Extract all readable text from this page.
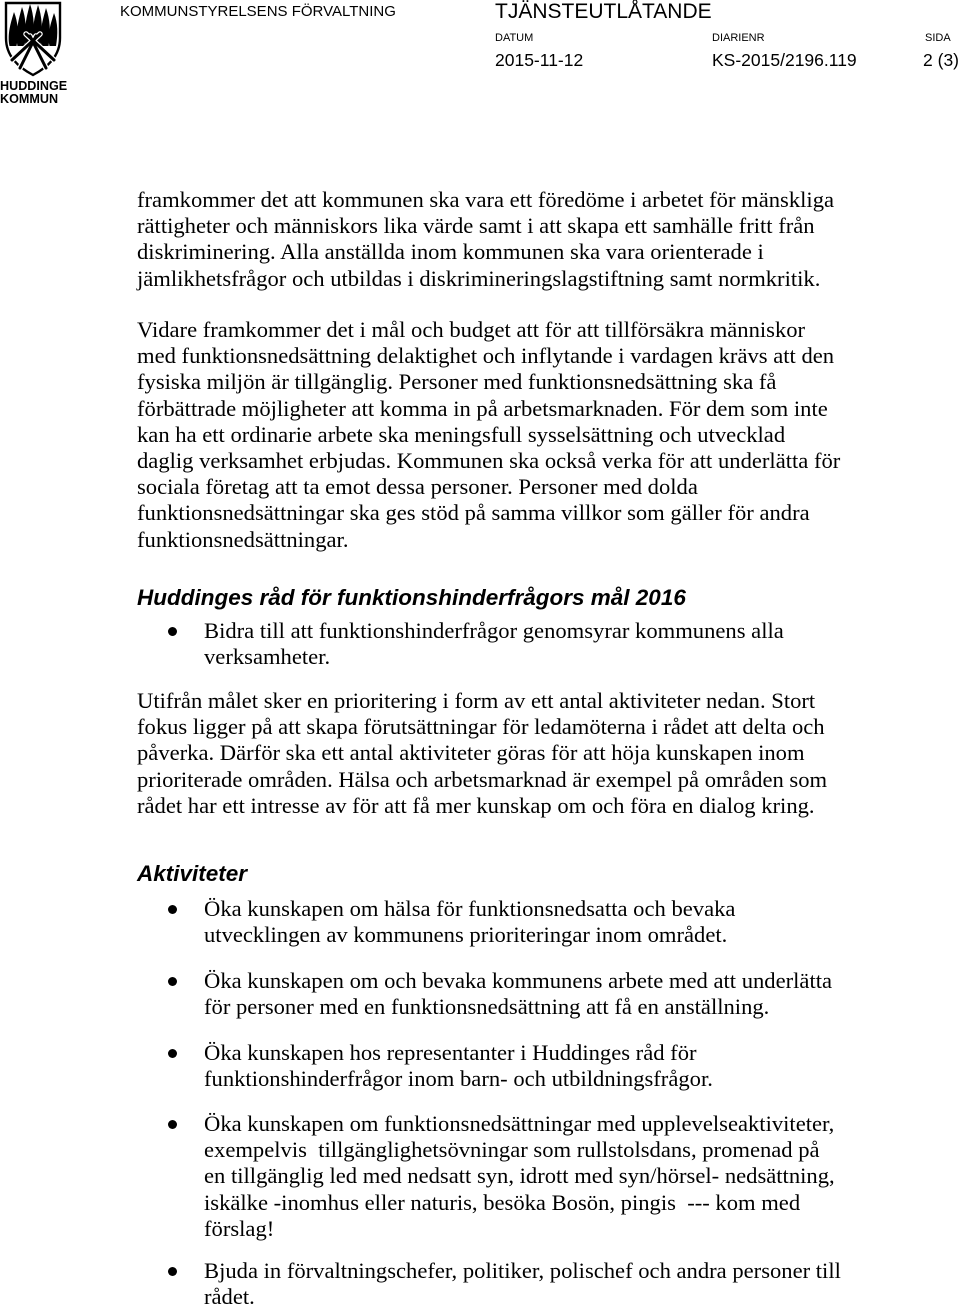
HUDDINGE
KOMMUN
KOMMUNSTYRELSENS FÖRVALTNING	TJÄNSTEUTLÅTANDE
DATUM
2015-11-12
DIARIENR
KS-2015/2196.119
SIDA
2 (3)
framkommer det att kommunen ska vara ett föredöme i arbetet för mänskliga
rättigheter och människors lika värde samt i att skapa ett samhälle fritt från
diskriminering. Alla anställda inom kommunen ska vara orienterade i
jämlikhetsfrågor och utbildas i diskrimineringslagstiftning samt normkritik.
Vidare framkommer det i mål och budget att för att tillförsäkra människor
med funktionsnedsättning delaktighet och inflytande i vardagen krävs att den
fysiska miljön är tillgänglig. Personer med funktionsnedsättning ska få
förbättrade möjligheter att komma in på arbetsmarknaden. För dem som inte
kan ha ett ordinarie arbete ska meningsfull sysselsättning och utvecklad
daglig verksamhet erbjudas. Kommunen ska också verka för att underlätta för
sociala företag att ta emot dessa personer. Personer med dolda
funktionsnedsättningar ska ges stöd på samma villkor som gäller för andra
funktionsnedsättningar.
Huddinges råd för funktionshinderfrågors mål 2016
Bidra till att funktionshinderfrågor genomsyrar kommunens alla
verksamheter.
Utifrån målet sker en prioritering i form av ett antal aktiviteter nedan. Stort
fokus ligger på att skapa förutsättningar för ledamöterna i rådet att delta och
påverka. Därför ska ett antal aktiviteter göras för att höja kunskapen inom
prioriterade områden. Hälsa och arbetsmarknad är exempel på områden som
rådet har ett intresse av för att få mer kunskap om och föra en dialog kring.
Aktiviteter
Öka kunskapen om hälsa för funktionsnedsatta och bevaka
utvecklingen av kommunens prioriteringar inom området.
Öka kunskapen om och bevaka kommunens arbete med att underlätta
för personer med en funktionsnedsättning att få en anställning.
Öka kunskapen hos representanter i Huddinges råd för
funktionshinderfrågor inom barn- och utbildningsfrågor.
Öka kunskapen om funktionsnedsättningar med upplevelseaktiviteter,
exempelvis  tillgänglighetsövningar som rullstolsdans, promenad på
en tillgänglig led med nedsatt syn, idrott med syn/hörsel- nedsättning,
iskälke -inomhus eller naturis, besöka Bosön, pingis  --- kom med
förslag!
Bjuda in förvaltningschefer, politiker, polischef och andra personer till
rådet.
